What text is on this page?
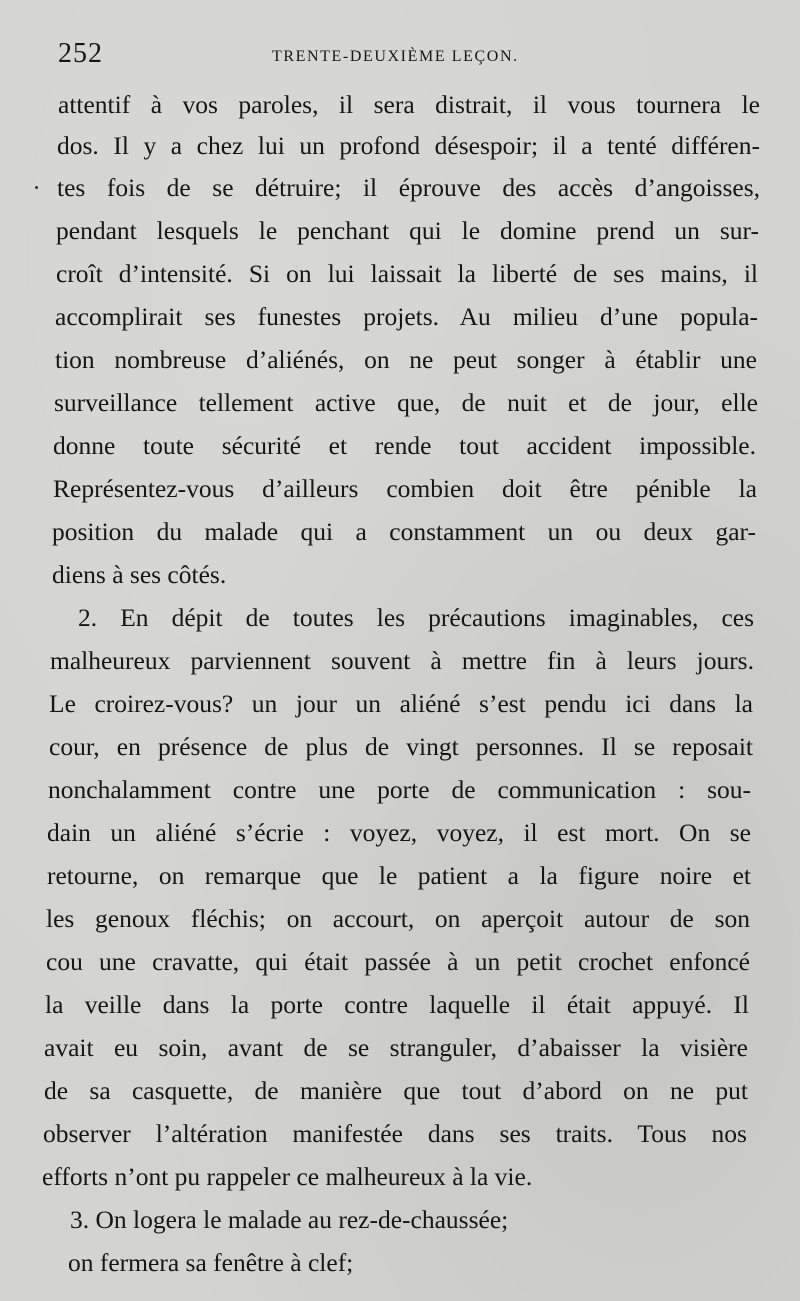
252	TRENTE-DEUXIÈME LEÇON.
attentif à vos paroles, il sera distrait, il vous tournera le
dos. Il y a chez lui un profond désespoir; il a tenté différen-
tes fois de se détruire; il éprouve des accès d’angoisses,
pendant lesquels le penchant qui le domine prend un sur-
croît d’intensité. Si on lui laissait la liberté de ses mains, il
accomplirait ses funestes projets. Au milieu d’une popula-
tion nombreuse d’aliénés, on ne peut songer à établir une
surveillance tellement active que, de nuit et de jour, elle
donne toute sécurité et rende tout accident impossible.
Représentez-vous d’ailleurs combien doit être pénible la
position du malade qui a constamment un ou deux gar-
diens à ses côtés.
2. En dépit de toutes les précautions imaginables, ces
malheureux parviennent souvent à mettre fin à leurs jours.
Le croirez-vous? un jour un aliéné s’est pendu ici dans la
cour, en présence de plus de vingt personnes. Il se reposait
nonchalamment contre une porte de communication : sou-
dain un aliéné s’écrie : voyez, voyez, il est mort. On se
retourne, on remarque que le patient a la figure noire et
les genoux fléchis; on accourt, on aperçoit autour de son
cou une cravatte, qui était passée à un petit crochet enfoncé
la veille dans la porte contre laquelle il était appuyé. Il
avait eu soin, avant de se stranguler, d’abaisser la visière
de sa casquette, de manière que tout d’abord on ne put
observer l’altération manifestée dans ses traits. Tous nos
efforts n’ont pu rappeler ce malheureux à la vie.
3. On logera le malade au rez-de-chaussée;
on fermera sa fenêtre à clef;
